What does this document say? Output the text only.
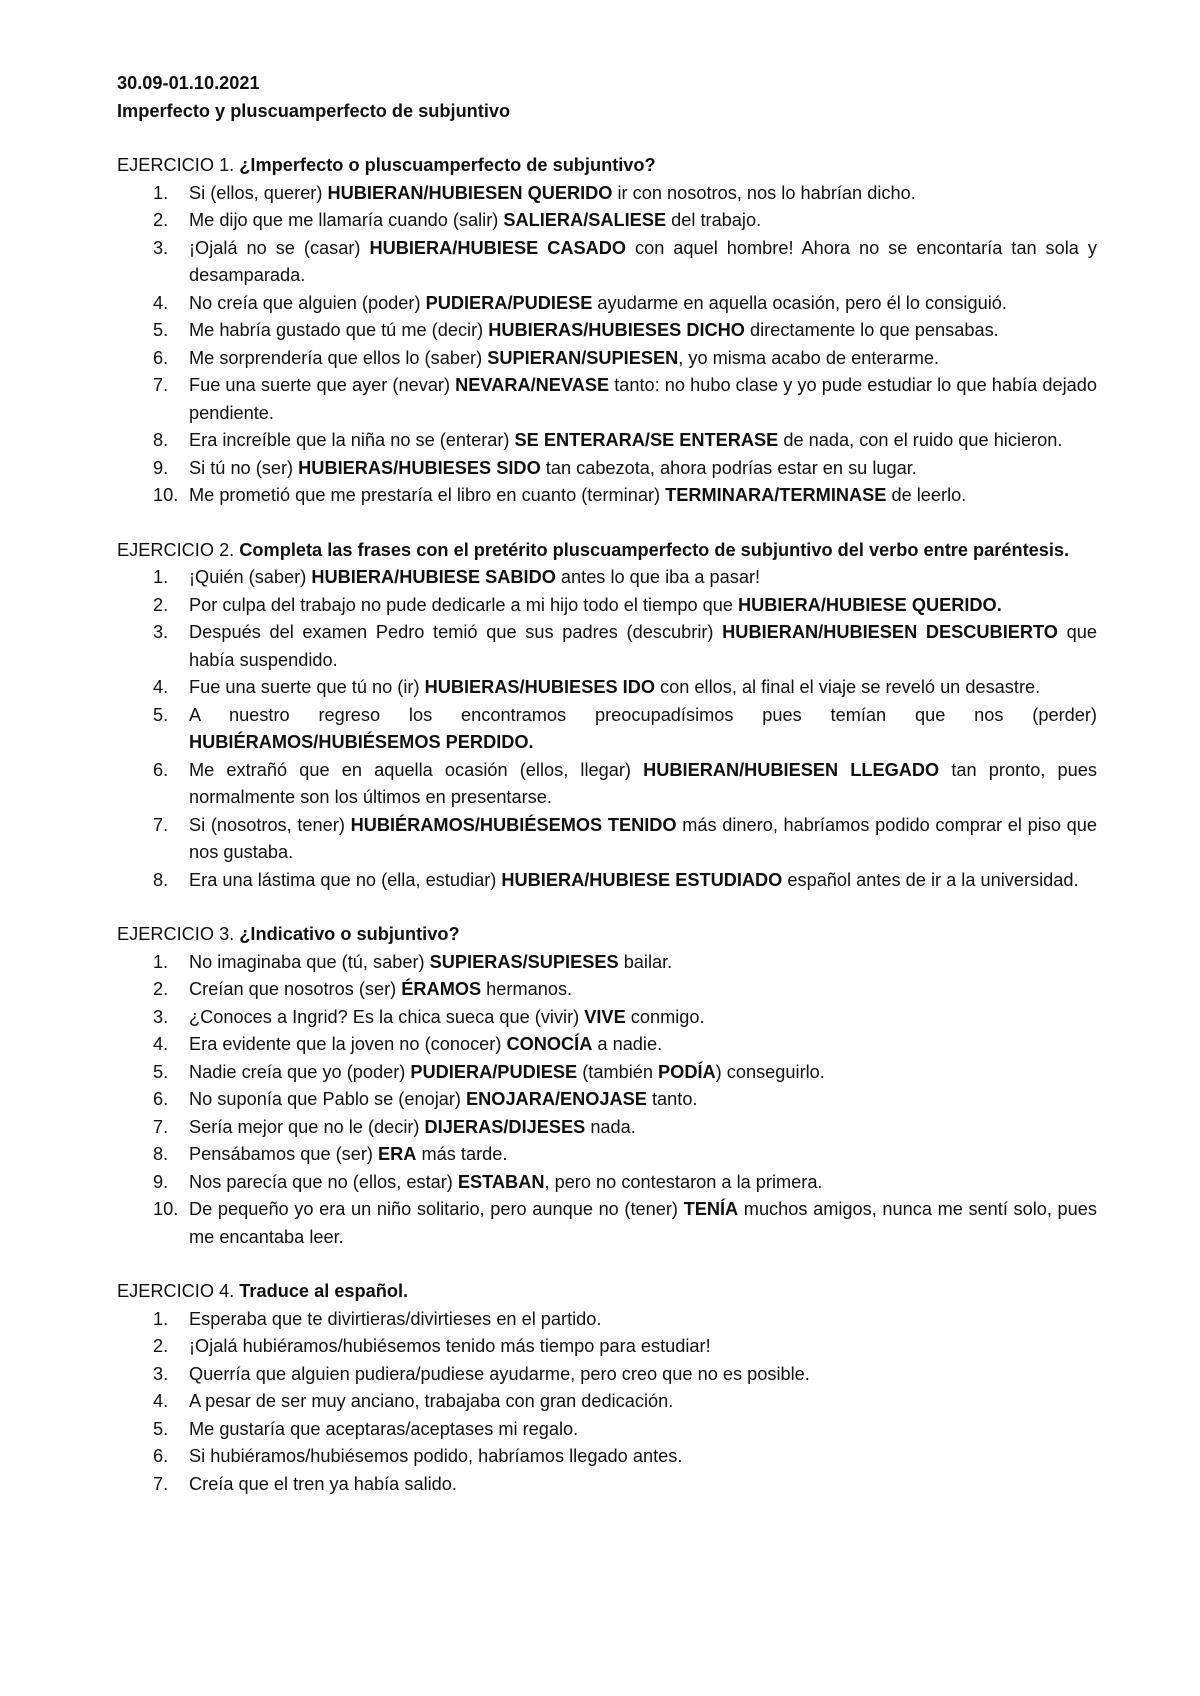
30.09-01.10.2021

Imperfecto y pluscuamperfecto de subjuntivo

EJERCICIO 1. ¿Imperfecto o pluscuamperfecto de subjuntivo?

1.	Si (ellos, querer) HUBIERAN/HUBIESEN QUERIDO ir con nosotros, nos lo habrían dicho.
2.	Me dijo que me llamaría cuando (salir) SALIERA/SALIESE del trabajo.
3.	¡Ojalá no se (casar) HUBIERA/HUBIESE CASADO con aquel hombre! Ahora no se encontaría tan sola y desamparada.
4.	No creía que alguien (poder) PUDIERA/PUDIESE ayudarme en aquella ocasión, pero él lo consiguió.
5.	Me habría gustado que tú me (decir) HUBIERAS/HUBIESES DICHO directamente lo que pensabas.
6.	Me sorprendería que ellos lo (saber) SUPIERAN/SUPIESEN, yo misma acabo de enterarme.
7.	Fue una suerte que ayer (nevar) NEVARA/NEVASE tanto: no hubo clase y yo pude estudiar lo que había dejado pendiente.
8.	Era increíble que la niña no se (enterar) SE ENTERARA/SE ENTERASE de nada, con el ruido que hicieron.
9.	Si tú no (ser) HUBIERAS/HUBIESES SIDO tan cabezota, ahora podrías estar en su lugar.
10. Me prometió que me prestaría el libro en cuanto (terminar) TERMINARA/TERMINASE de leerlo.

EJERCICIO 2. Completa las frases con el pretérito pluscuamperfecto de subjuntivo del verbo entre paréntesis.

1.	¡Quién (saber) HUBIERA/HUBIESE SABIDO antes lo que iba a pasar!
2.	Por culpa del trabajo no pude dedicarle a mi hijo todo el tiempo que HUBIERA/HUBIESE QUERIDO.
3.	Después del examen Pedro temió que sus padres (descubrir) HUBIERAN/HUBIESEN DESCUBIERTO que había suspendido.
4.	Fue una suerte que tú no (ir) HUBIERAS/HUBIESES IDO con ellos, al final el viaje se reveló un desastre.
5.	A nuestro regreso los encontramos preocupadísimos pues temían que nos (perder) HUBIÉRAMOS/HUBIÉSEMOS PERDIDO.
6.	Me extrañó que en aquella ocasión (ellos, llegar) HUBIERAN/HUBIESEN LLEGADO tan pronto, pues normalmente son los últimos en presentarse.
7.	Si (nosotros, tener) HUBIÉRAMOS/HUBIÉSEMOS TENIDO más dinero, habríamos podido comprar el piso que nos gustaba.
8.	Era una lástima que no (ella, estudiar) HUBIERA/HUBIESE ESTUDIADO español antes de ir a la universidad.

EJERCICIO 3. ¿Indicativo o subjuntivo?

1.	No imaginaba que (tú, saber) SUPIERAS/SUPIESES bailar.
2.	Creían que nosotros (ser) ÉRAMOS hermanos.
3.	¿Conoces a Ingrid? Es la chica sueca que (vivir) VIVE conmigo.
4.	Era evidente que la joven no (conocer) CONOCÍA a nadie.
5.	Nadie creía que yo (poder) PUDIERA/PUDIESE (también PODÍA) conseguirlo.
6.	No suponía que Pablo se (enojar) ENOJARA/ENOJASE tanto.
7.	Sería mejor que no le (decir) DIJERAS/DIJESES nada.
8.	Pensábamos que (ser) ERA más tarde.
9.	Nos parecía que no (ellos, estar) ESTABAN, pero no contestaron a la primera.
10. De pequeño yo era un niño solitario, pero aunque no (tener) TENÍA muchos amigos, nunca me sentí solo, pues me encantaba leer.

EJERCICIO 4. Traduce al español.

1.	Esperaba que te divirtieras/divirtieses en el partido.
2.	¡Ojalá hubiéramos/hubiésemos tenido más tiempo para estudiar!
3.	Querría que alguien pudiera/pudiese ayudarme, pero creo que no es posible.
4.	A pesar de ser muy anciano, trabajaba con gran dedicación.
5.	Me gustaría que aceptaras/aceptases mi regalo.
6.	Si hubiéramos/hubiésemos podido, habríamos llegado antes.
7.	Creía que el tren ya había salido.
